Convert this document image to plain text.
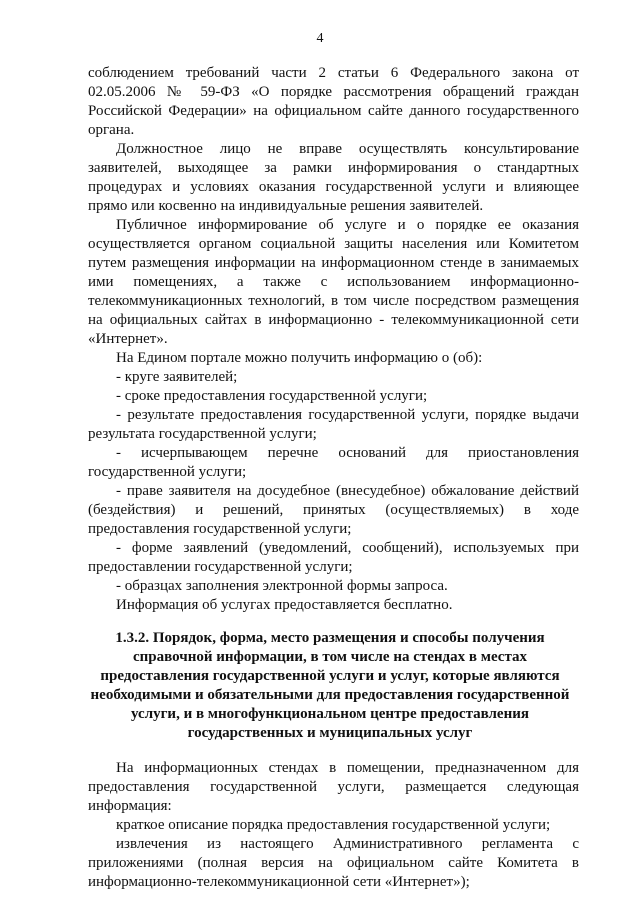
4
соблюдением требований части 2 статьи 6 Федерального закона от
02.05.2006 № 59-ФЗ «О порядке рассмотрения обращений граждан
Российской Федерации» на официальном сайте данного государственного
органа.
Должностное лицо не вправе осуществлять консультирование
заявителей, выходящее за рамки информирования о стандартных
процедурах и условиях оказания государственной услуги и влияющее
прямо или косвенно на индивидуальные решения заявителей.
Публичное информирование об услуге и о порядке ее оказания
осуществляется органом социальной защиты населения или Комитетом
путем размещения информации на информационном стенде в занимаемых
ими помещениях, а также с использованием информационно-
телекоммуникационных технологий, в том числе посредством размещения
на официальных сайтах в информационно - телекоммуникационной сети
«Интернет».
На Едином портале можно получить информацию о (об):
- круге заявителей;
- сроке предоставления государственной услуги;
- результате предоставления государственной услуги, порядке выдачи
результата государственной услуги;
- исчерпывающем перечне оснований для приостановления
государственной услуги;
- праве заявителя на досудебное (внесудебное) обжалование действий
(бездействия) и решений, принятых (осуществляемых) в ходе
предоставления государственной услуги;
- форме заявлений (уведомлений, сообщений), используемых при
предоставлении государственной услуги;
- образцах заполнения электронной формы запроса.
Информация об услугах предоставляется бесплатно.
1.3.2. Порядок, форма, место размещения и способы получения
справочной информации, в том числе на стендах в местах
предоставления государственной услуги и услуг, которые являются
необходимыми и обязательными для предоставления государственной
услуги, и в многофункциональном центре предоставления
государственных и муниципальных услуг
На информационных стендах в помещении, предназначенном для
предоставления государственной услуги, размещается следующая
информация:
краткое описание порядка предоставления государственной услуги;
извлечения из настоящего Административного регламента с
приложениями (полная версия на официальном сайте Комитета в
информационно-телекоммуникационной сети «Интернет»);
